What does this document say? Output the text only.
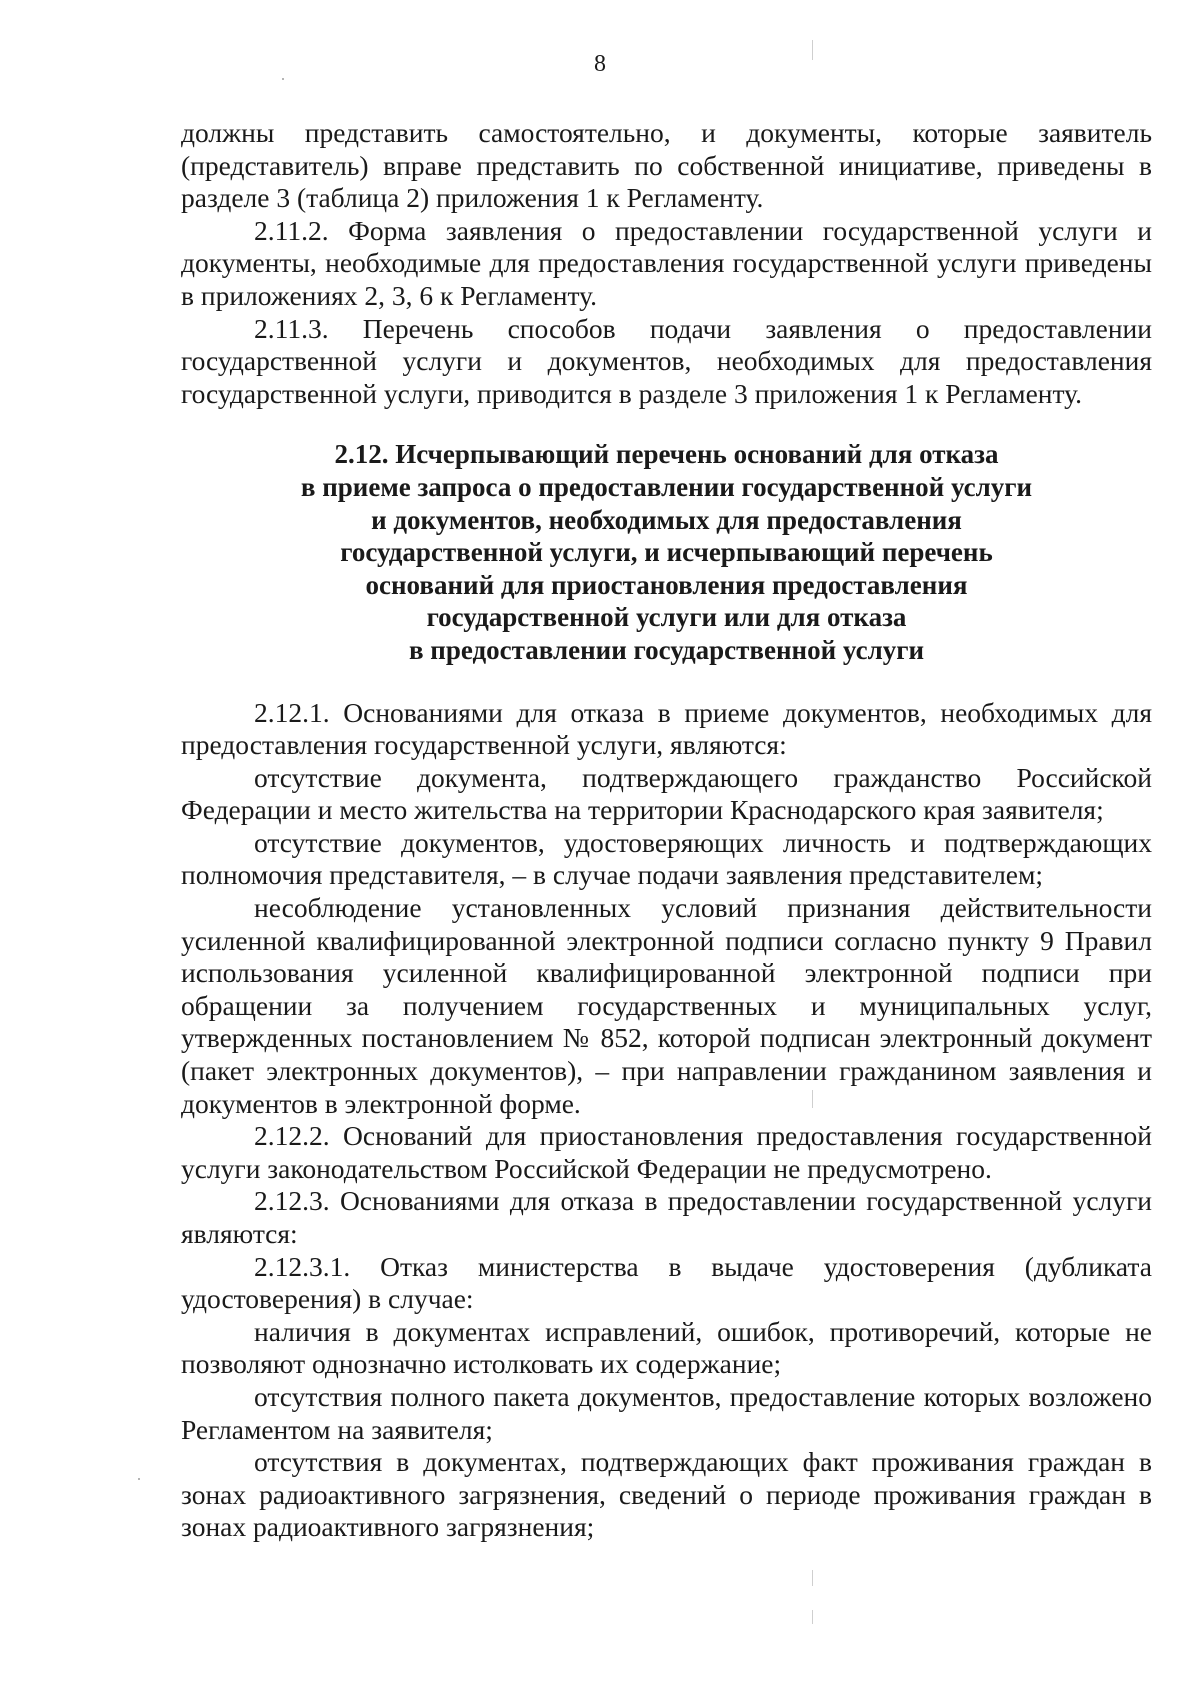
8

должны представить самостоятельно, и документы, которые заявитель (представитель) вправе представить по собственной инициативе, приведены в разделе 3 (таблица 2) приложения 1 к Регламенту.

2.11.2. Форма заявления о предоставлении государственной услуги и документы, необходимые для предоставления государственной услуги приведены в приложениях 2, 3, 6 к Регламенту.

2.11.3. Перечень способов подачи заявления о предоставлении государственной услуги и документов, необходимых для предоставления государственной услуги, приводится в разделе 3 приложения 1 к Регламенту.

2.12. Исчерпывающий перечень оснований для отказа
в приеме запроса о предоставлении государственной услуги
и документов, необходимых для предоставления
государственной услуги, и исчерпывающий перечень
оснований для приостановления предоставления
государственной услуги или для отказа
в предоставлении государственной услуги

2.12.1. Основаниями для отказа в приеме документов, необходимых для предоставления государственной услуги, являются:

отсутствие документа, подтверждающего гражданство Российской Федерации и место жительства на территории Краснодарского края заявителя;

отсутствие документов, удостоверяющих личность и подтверждающих полномочия представителя, – в случае подачи заявления представителем;

несоблюдение установленных условий признания действительности усиленной квалифицированной электронной подписи согласно пункту 9 Правил использования усиленной квалифицированной электронной подписи при обращении за получением государственных и муниципальных услуг, утвержденных постановлением № 852, которой подписан электронный документ (пакет электронных документов), – при направлении гражданином заявления и документов в электронной форме.

2.12.2. Оснований для приостановления предоставления государственной услуги законодательством Российской Федерации не предусмотрено.

2.12.3. Основаниями для отказа в предоставлении государственной услуги являются:

2.12.3.1. Отказ министерства в выдаче удостоверения (дубликата удостоверения) в случае:

наличия в документах исправлений, ошибок, противоречий, которые не позволяют однозначно истолковать их содержание;

отсутствия полного пакета документов, предоставление которых возложено Регламентом на заявителя;

отсутствия в документах, подтверждающих факт проживания граждан в зонах радиоактивного загрязнения, сведений о периоде проживания граждан в зонах радиоактивного загрязнения;
